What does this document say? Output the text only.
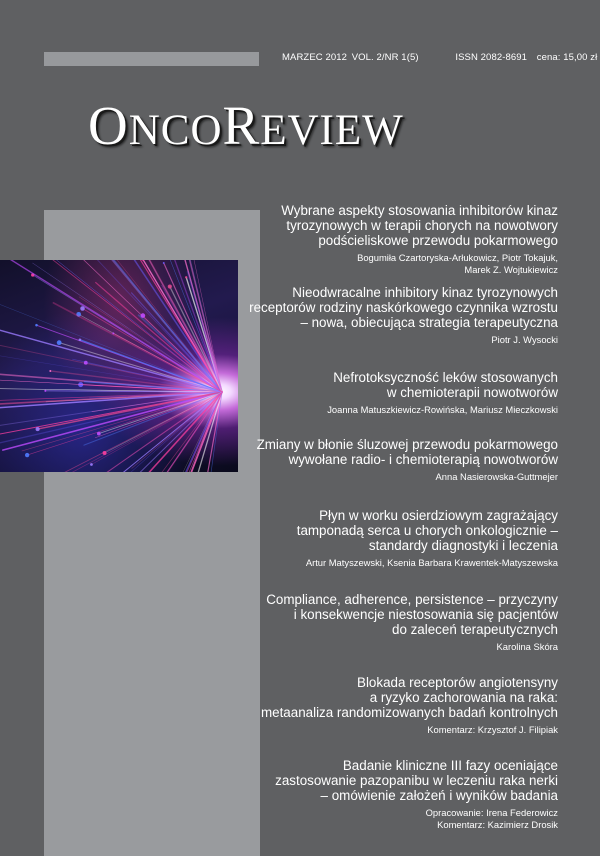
MARZEC 2012 VOL. 2/NR 1(5)	ISSN 2082-8691 cena: 15,00 zł
ONCOREVIEW
Wybrane aspekty stosowania inhibitorów kinaz
tyrozynowych w terapii chorych na nowotwory
podścieliskowe przewodu pokarmowego
Bogumiła Czartoryska-Arłukowicz, Piotr Tokajuk,
Marek Z. Wojtukiewicz
Nieodwracalne inhibitory kinaz tyrozynowych
receptorów rodziny naskórkowego czynnika wzrostu
– nowa, obiecująca strategia terapeutyczna
Piotr J. Wysocki
Nefrotoksyczność leków stosowanych
w chemioterapii nowotworów
Joanna Matuszkiewicz-Rowińska, Mariusz Mieczkowski
Zmiany w błonie śluzowej przewodu pokarmowego
wywołane radio- i chemioterapią nowotworów
Anna Nasierowska-Guttmejer
Płyn w worku osierdziowym zagrażający
tamponadą serca u chorych onkologicznie –
standardy diagnostyki i leczenia
Artur Matyszewski, Ksenia Barbara Krawentek-Matyszewska
Compliance, adherence, persistence – przyczyny
i konsekwencje niestosowania się pacjentów
do zaleceń terapeutycznych
Karolina Skóra
Blokada receptorów angiotensyny
a ryzyko zachorowania na raka:
metaanaliza randomizowanych badań kontrolnych
Komentarz: Krzysztof J. Filipiak
Badanie kliniczne III fazy oceniające
zastosowanie pazopanibu w leczeniu raka nerki
– omówienie założeń i wyników badania
Opracowanie: Irena Federowicz
Komentarz: Kazimierz Drosik
